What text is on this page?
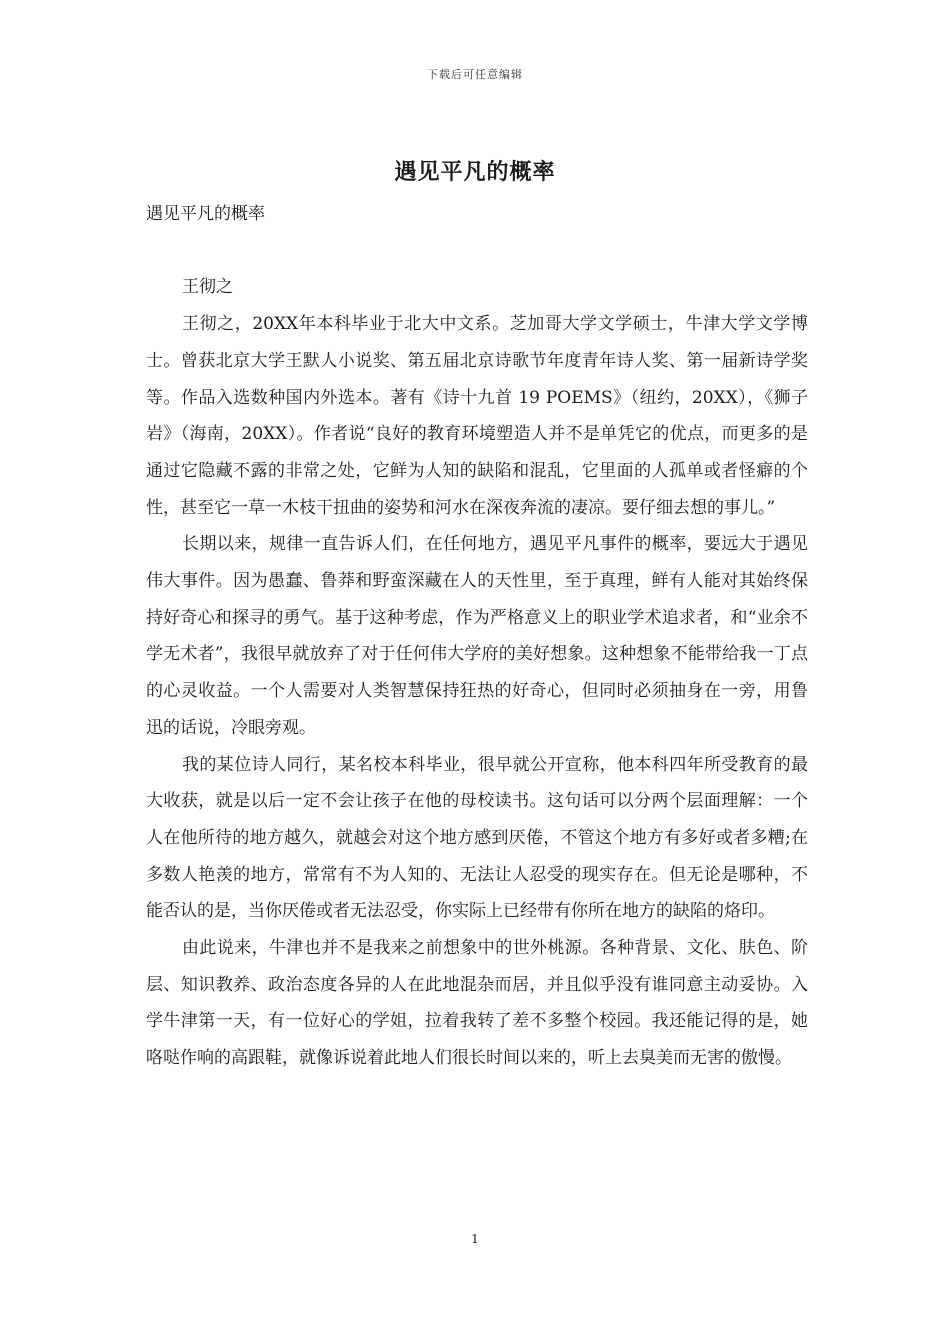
下载后可任意编辑
遇见平凡的概率

遇见平凡的概率

王彻之

王彻之，20XX年本科毕业于北大中文系。芝加哥大学文学硕士，牛津大学文学博士。曾获北京大学王默人小说奖、第五届北京诗歌节年度青年诗人奖、第一届新诗学奖等。作品入选数种国内外选本。著有《诗十九首 19 POEMS》（纽约，20XX），《狮子岩》（海南，20XX）。作者说“良好的教育环境塑造人并不是单凭它的优点，而更多的是通过它隐藏不露的非常之处，它鲜为人知的缺陷和混乱，它里面的人孤单或者怪癖的个性，甚至它一草一木枝干扭曲的姿势和河水在深夜奔流的凄凉。要仔细去想的事儿。”

长期以来，规律一直告诉人们，在任何地方，遇见平凡事件的概率，要远大于遇见伟大事件。因为愚蠢、鲁莽和野蛮深藏在人的天性里，至于真理，鲜有人能对其始终保持好奇心和探寻的勇气。基于这种考虑，作为严格意义上的职业学术追求者，和“业余不学无术者”，我很早就放弃了对于任何伟大学府的美好想象。这种想象不能带给我一丁点的心灵收益。一个人需要对人类智慧保持狂热的好奇心，但同时必须抽身在一旁，用鲁迅的话说，冷眼旁观。

我的某位诗人同行，某名校本科毕业，很早就公开宣称，他本科四年所受教育的最大收获，就是以后一定不会让孩子在他的母校读书。这句话可以分两个层面理解：一个人在他所待的地方越久，就越会对这个地方感到厌倦，不管这个地方有多好或者多糟;在多数人艳羡的地方，常常有不为人知的、无法让人忍受的现实存在。但无论是哪种，不能否认的是，当你厌倦或者无法忍受，你实际上已经带有你所在地方的缺陷的烙印。

由此说来，牛津也并不是我来之前想象中的世外桃源。各种背景、文化、肤色、阶层、知识教养、政治态度各异的人在此地混杂而居，并且似乎没有谁同意主动妥协。入学牛津第一天，有一位好心的学姐，拉着我转了差不多整个校园。我还能记得的是，她咯哒作响的高跟鞋，就像诉说着此地人们很长时间以来的，听上去臭美而无害的傲慢。

1
